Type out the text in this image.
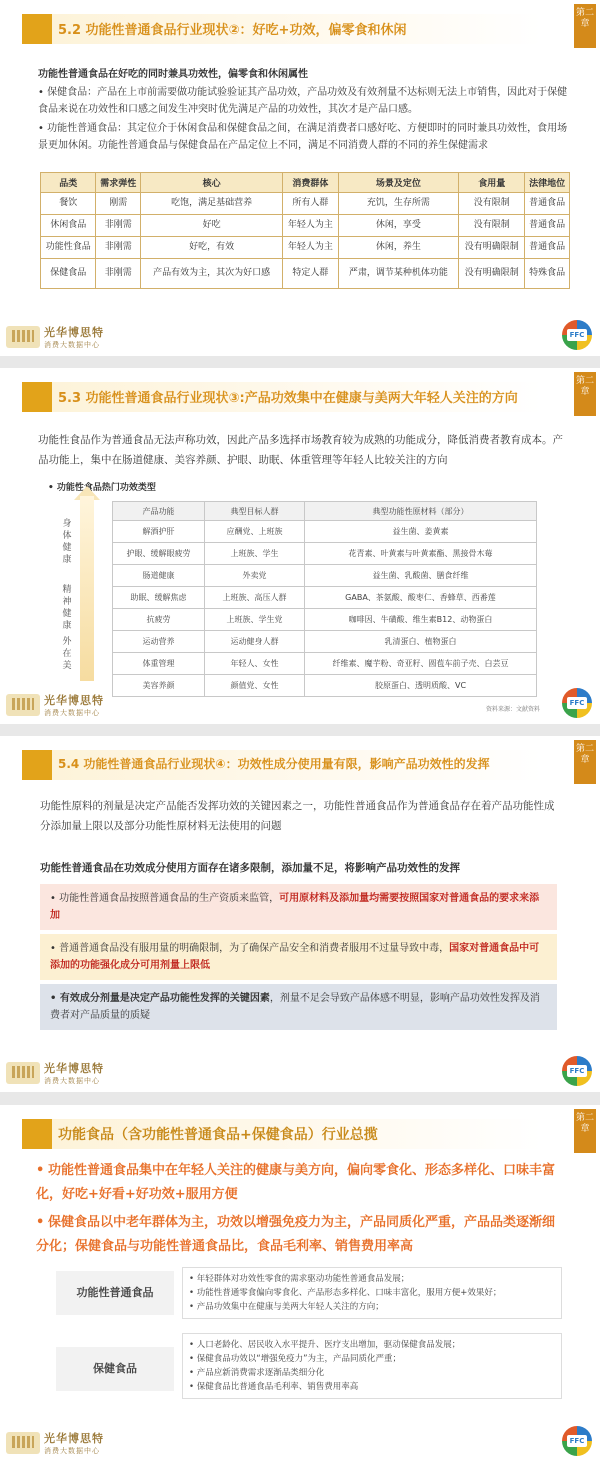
5.2 功能性普通食品行业现状②：好吃+功效，偏零食和休闲
第二章
功能性普通食品在好吃的同时兼具功效性，偏零食和休闲属性
• 保健食品：产品在上市前需要做功能试验验证其产品功效，产品功效及有效剂量不达标则无法上市销售，因此对于保健食品来说在功效性和口感之间发生冲突时优先满足产品的功效性，其次才是产品口感。
• 功能性普通食品：其定位介于休闲食品和保健食品之间，在满足消费者口感好吃、方便即时的同时兼具功效性，食用场景更加休闲。功能性普通食品与保健食品在产品定位上不同，满足不同消费人群的不同的养生保健需求
品类	需求弹性	核心	消费群体	场景及定位	食用量	法律地位
餐饮	刚需	吃饱，满足基础营养	所有人群	充饥，生存所需	没有限制	普通食品
休闲食品	非刚需	好吃	年轻人为主	休闲，享受	没有限制	普通食品
功能性食品	非刚需	好吃，有效	年轻人为主	休闲，养生	没有明确限制	普通食品
保健食品	非刚需	产品有效为主，其次为好口感	特定人群	严肃，调节某种机体功能	没有明确限制	特殊食品
光华博思特
消费大数据中心
FFC
5.3 功能性普通食品行业现状③:产品功效集中在健康与美两大年轻人关注的方向
第二章
功能性食品作为普通食品无法声称功效，因此产品多选择市场教育较为成熟的功能成分，降低消费者教育成本。产品功能上，集中在肠道健康、美容养颜、护眼、助眠、体重管理等年轻人比较关注的方向
• 功能性食品热门功效类型
身体健康
精神健康
外在美
产品功能	典型目标人群	典型功能性原材料（部分）
解酒护肝	应酬党、上班族	益生菌、姜黄素
护眼、缓解眼疲劳	上班族、学生	花青素、叶黄素与叶黄素酯、黑接骨木莓
肠道健康	外卖党	益生菌、乳酸菌、膳食纤维
助眠、缓解焦虑	上班族、高压人群	GABA、茶氨酸、酸枣仁、香蜂草、西番莲
抗疲劳	上班族、学生党	咖啡因、牛磺酸、维生素B12、动物蛋白
运动营养	运动健身人群	乳清蛋白、植物蛋白
体重管理	年轻人、女性	纤维素、魔芋粉、奇亚籽、圆苞车前子壳、白芸豆
美容养颜	颜值党、女性	胶原蛋白、透明质酸、VC
资料来源：文献资料
光华博思特
消费大数据中心
FFC
5.4 功能性普通食品行业现状④：功效性成分使用量有限，影响产品功效性的发挥
第二章
功能性原料的剂量是决定产品能否发挥功效的关键因素之一，功能性普通食品作为普通食品存在着产品功能性成分添加量上限以及部分功能性原材料无法使用的问题
功能性普通食品在功效成分使用方面存在诸多限制，添加量不足，将影响产品功效性的发挥
• 功能性普通食品按照普通食品的生产资质来监管，可用原材料及添加量均需要按照国家对普通食品的要求来添加
• 普通普通食品没有服用量的明确限制，为了确保产品安全和消费者服用不过量导致中毒，国家对普通食品中可添加的功能强化成分可用剂量上限低
• 有效成分剂量是决定产品功能性发挥的关键因素，剂量不足会导致产品体感不明显，影响产品功效性发挥及消费者对产品质量的质疑
光华博思特
消费大数据中心
FFC
功能食品（含功能性普通食品+保健食品）行业总揽
第二章
• 功能性普通食品集中在年轻人关注的健康与美方向，偏向零食化、形态多样化、口味丰富化，好吃+好看+好功效+服用方便
• 保健食品以中老年群体为主，功效以增强免疫力为主，产品同质化严重，产品品类逐渐细分化；保健食品与功能性普通食品比，食品毛利率、销售费用率高
功能性普通食品
• 年轻群体对功效性零食的需求驱动功能性普通食品发展；
• 功能性普通零食偏向零食化、产品形态多样化、口味丰富化，服用方便+效果好；
• 产品功效集中在健康与美两大年轻人关注的方向；
保健食品
• 人口老龄化、居民收入水平提升、医疗支出增加，驱动保健食品发展；
• 保健食品功效以“增强免疫力”为主，产品同质化严重；
• 产品应新消费需求逐渐品类细分化
• 保健食品比普通食品毛利率、销售费用率高
光华博思特
消费大数据中心
FFC
